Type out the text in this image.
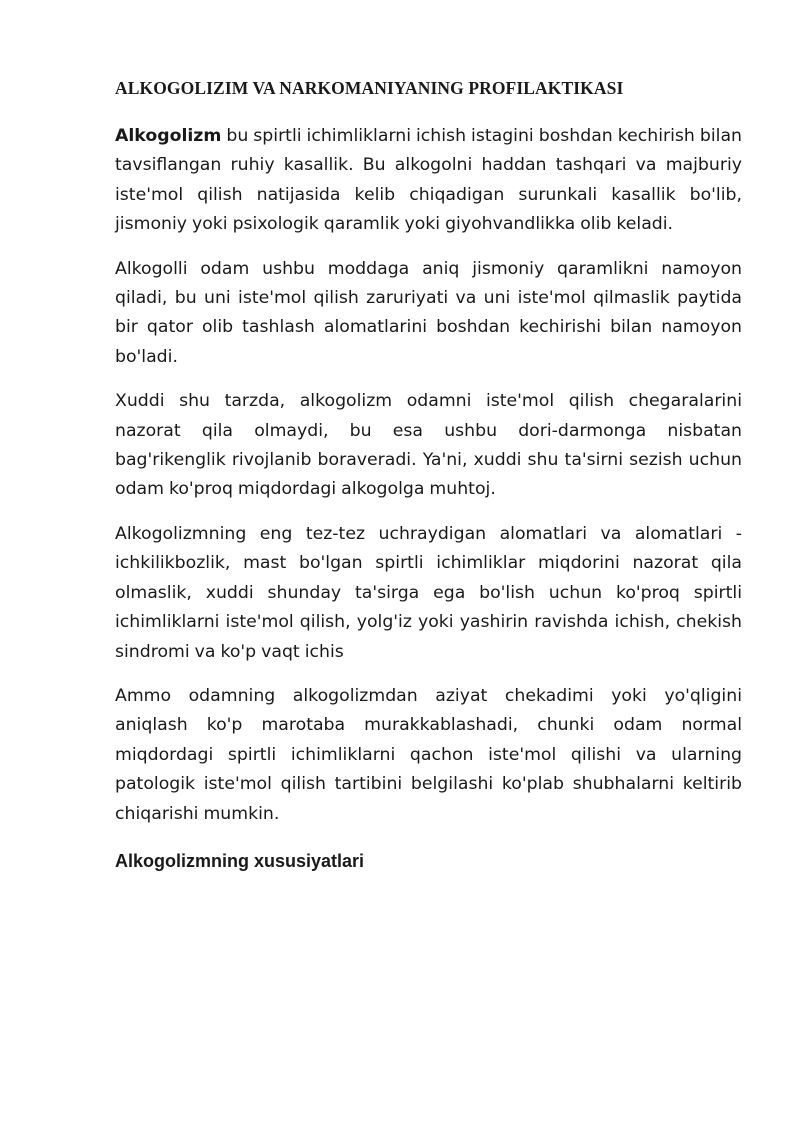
ALKOGOLIZIM VA NARKOMANIYANING PROFILAKTIKASI

Alkogolizm bu spirtli ichimliklarni ichish istagini boshdan kechirish bilan tavsiflangan ruhiy kasallik. Bu alkogolni haddan tashqari va majburiy iste'mol qilish natijasida kelib chiqadigan surunkali kasallik bo'lib, jismoniy yoki psixologik qaramlik yoki giyohvandlikka olib keladi.

Alkogolli odam ushbu moddaga aniq jismoniy qaramlikni namoyon qiladi, bu uni iste'mol qilish zaruriyati va uni iste'mol qilmaslik paytida bir qator olib tashlash alomatlarini boshdan kechirishi bilan namoyon bo'ladi.

Xuddi shu tarzda, alkogolizm odamni iste'mol qilish chegaralarini nazorat qila olmaydi, bu esa ushbu dori-darmonga nisbatan bag'rikenglik rivojlanib boraveradi. Ya'ni, xuddi shu ta'sirni sezish uchun odam ko'proq miqdordagi alkogolga muhtoj.

Alkogolizmning eng tez-tez uchraydigan alomatlari va alomatlari - ichkilikbozlik, mast bo'lgan spirtli ichimliklar miqdorini nazorat qila olmaslik, xuddi shunday ta'sirga ega bo'lish uchun ko'proq spirtli ichimliklarni iste'mol qilish, yolg'iz yoki yashirin ravishda ichish, chekish sindromi va ko'p vaqt ichis

Ammo odamning alkogolizmdan aziyat chekadimi yoki yo'qligini aniqlash ko'p marotaba murakkablashadi, chunki odam normal miqdordagi spirtli ichimliklarni qachon iste'mol qilishi va ularning patologik iste'mol qilish tartibini belgilashi ko'plab shubhalarni keltirib chiqarishi mumkin.

Alkogolizmning xususiyatlari
